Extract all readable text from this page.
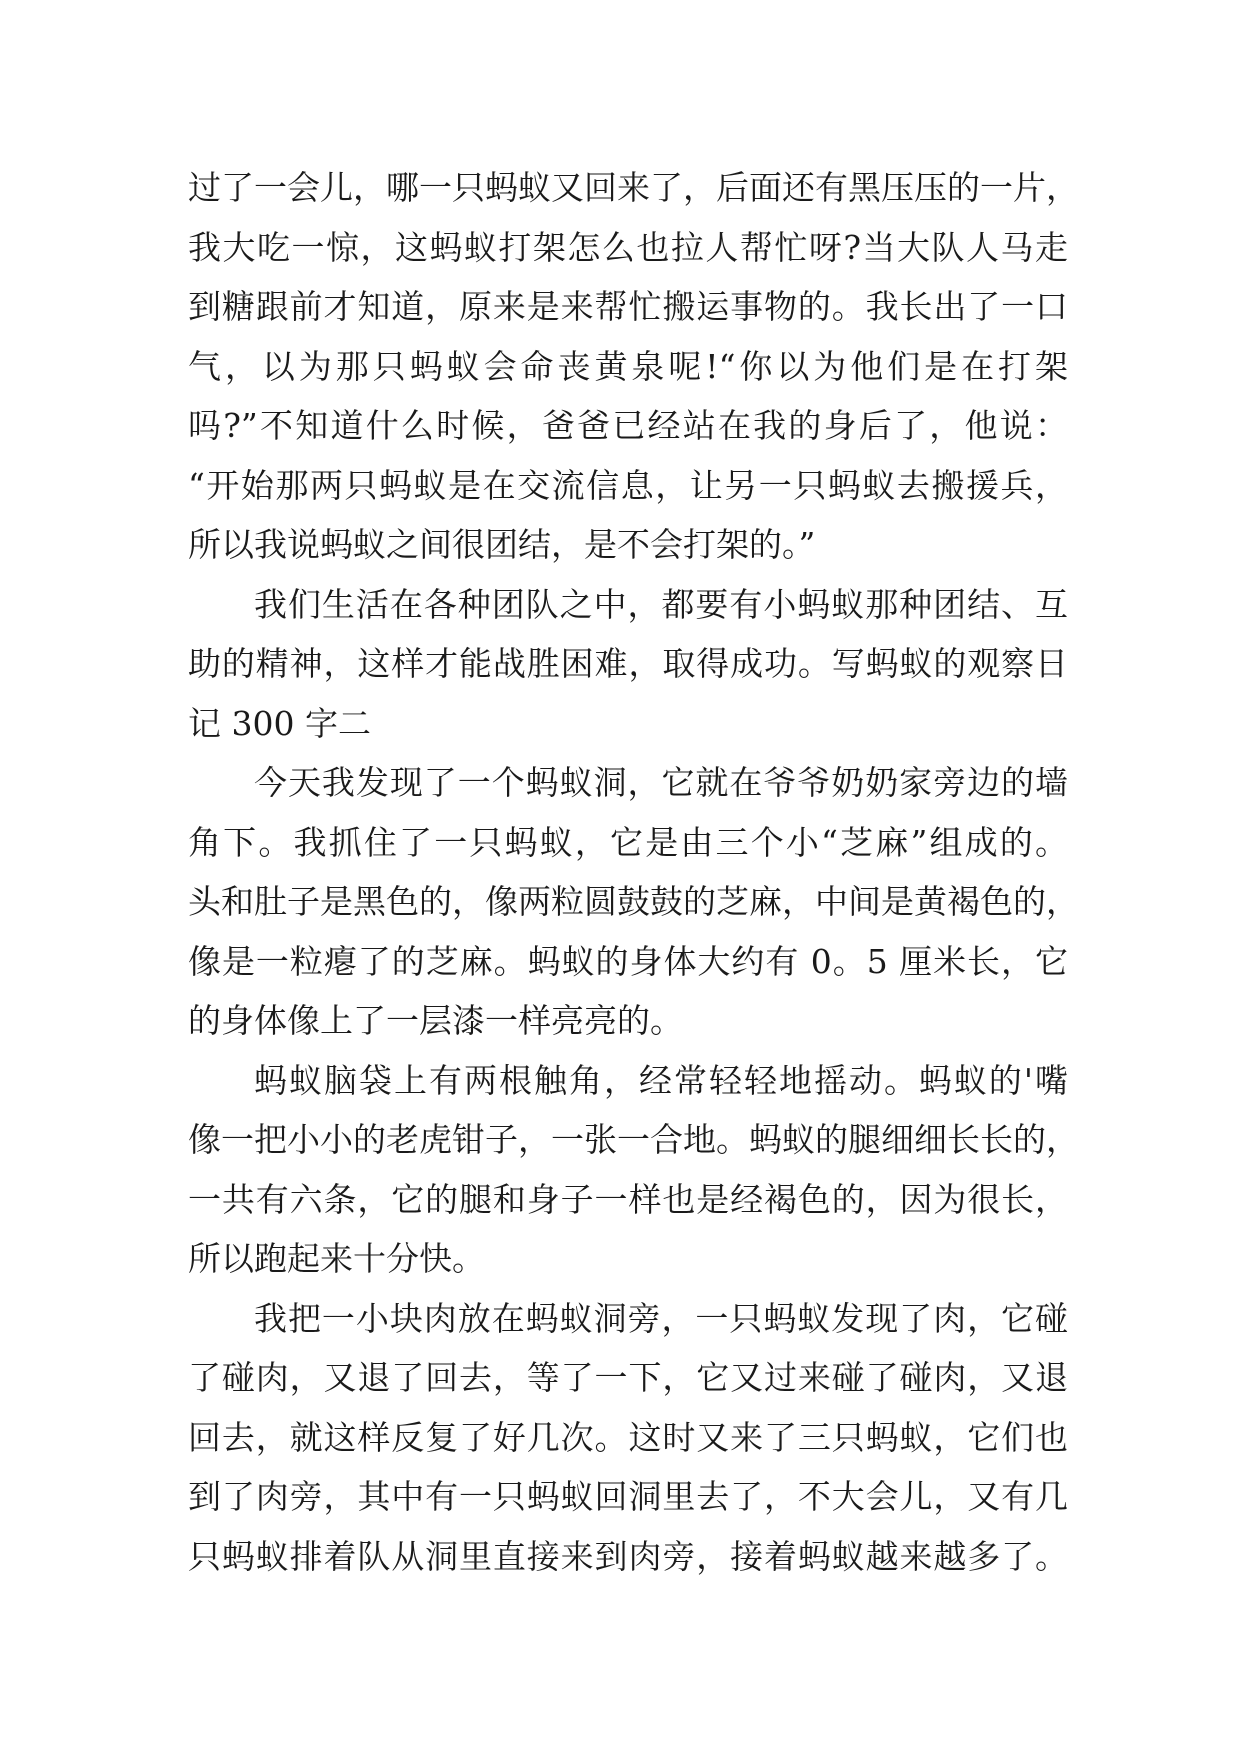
过了一会儿，哪一只蚂蚁又回来了，后面还有黑压压的一片，
我大吃一惊，这蚂蚁打架怎么也拉人帮忙呀?当大队人马走
到糖跟前才知道，原来是来帮忙搬运事物的。我长出了一口
气，以为那只蚂蚁会命丧黄泉呢!“你以为他们是在打架
吗?”不知道什么时候，爸爸已经站在我的身后了，他说：
“开始那两只蚂蚁是在交流信息，让另一只蚂蚁去搬援兵，
所以我说蚂蚁之间很团结，是不会打架的。”
我们生活在各种团队之中，都要有小蚂蚁那种团结、互
助的精神，这样才能战胜困难，取得成功。写蚂蚁的观察日
记 300 字二
今天我发现了一个蚂蚁洞，它就在爷爷奶奶家旁边的墙
角下。我抓住了一只蚂蚁，它是由三个小“芝麻”组成的。
头和肚子是黑色的，像两粒圆鼓鼓的芝麻，中间是黄褐色的，
像是一粒瘪了的芝麻。蚂蚁的身体大约有 0。5 厘米长，它
的身体像上了一层漆一样亮亮的。
蚂蚁脑袋上有两根触角，经常轻轻地摇动。蚂蚁的'嘴
像一把小小的老虎钳子，一张一合地。蚂蚁的腿细细长长的，
一共有六条，它的腿和身子一样也是经褐色的，因为很长，
所以跑起来十分快。
我把一小块肉放在蚂蚁洞旁，一只蚂蚁发现了肉，它碰
了碰肉，又退了回去，等了一下，它又过来碰了碰肉，又退
回去，就这样反复了好几次。这时又来了三只蚂蚁，它们也
到了肉旁，其中有一只蚂蚁回洞里去了，不大会儿，又有几
只蚂蚁排着队从洞里直接来到肉旁，接着蚂蚁越来越多了。
